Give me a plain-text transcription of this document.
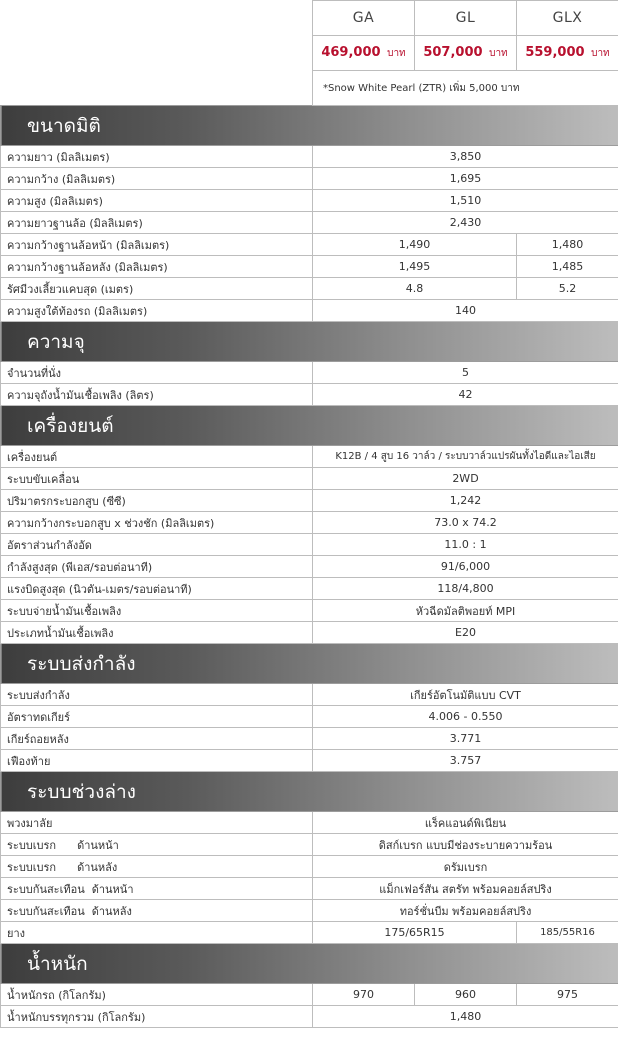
	GA	GL	GLX
	469,000 บาท	507,000 บาท	559,000 บาท
	*Snow White Pearl (ZTR) เพิ่ม 5,000 บาท		
ขนาดมิติ			
ความยาว (มิลลิเมตร)	3,850		
ความกว้าง (มิลลิเมตร)	1,695		
ความสูง (มิลลิเมตร)	1,510		
ความยาวฐานล้อ (มิลลิเมตร)	2,430		
ความกว้างฐานล้อหน้า (มิลลิเมตร)	1,490		1,480
ความกว้างฐานล้อหลัง (มิลลิเมตร)	1,495		1,485
รัศมีวงเลี้ยวแคบสุด (เมตร)	4.8		5.2
ความสูงใต้ท้องรถ (มิลลิเมตร)	140		
ความจุ			
จำนวนที่นั่ง	5		
ความจุถังน้ำมันเชื้อเพลิง (ลิตร)	42		
เครื่องยนต์			
เครื่องยนต์	K12B / 4 สูบ 16 วาล์ว / ระบบวาล์วแปรผันทั้งไอดีและไอเสีย		
ระบบขับเคลื่อน	2WD		
ปริมาตรกระบอกสูบ (ซีซี)	1,242		
ความกว้างกระบอกสูบ x ช่วงชัก (มิลลิเมตร)	73.0 x 74.2		
อัตราส่วนกำลังอัด	11.0 : 1		
กำลังสูงสุด (พีเอส/รอบต่อนาที)	91/6,000		
แรงบิดสูงสุด (นิวตัน-เมตร/รอบต่อนาที)	118/4,800		
ระบบจ่ายน้ำมันเชื้อเพลิง	หัวฉีดมัลติพอยท์ MPI		
ประเภทน้ำมันเชื้อเพลิง	E20		
ระบบส่งกำลัง			
ระบบส่งกำลัง	เกียร์อัตโนมัติแบบ CVT		
อัตราทดเกียร์	4.006 - 0.550		
เกียร์ถอยหลัง	3.771		
เฟืองท้าย	3.757		
ระบบช่วงล่าง			
พวงมาลัย	แร็คแอนด์พิเนียน		
ระบบเบรก      ด้านหน้า	ดิสก์เบรก แบบมีช่องระบายความร้อน		
ระบบเบรก      ด้านหลัง	ดรัมเบรก		
ระบบกันสะเทือน  ด้านหน้า	แม็กเฟอร์สัน สตรัท พร้อมคอยล์สปริง		
ระบบกันสะเทือน  ด้านหลัง	ทอร์ชั่นบีม พร้อมคอยล์สปริง		
ยาง	175/65R15		185/55R16
น้ำหนัก			
น้ำหนักรถ (กิโลกรัม)	970	960	975
น้ำหนักบรรทุกรวม (กิโลกรัม)	1,480		
